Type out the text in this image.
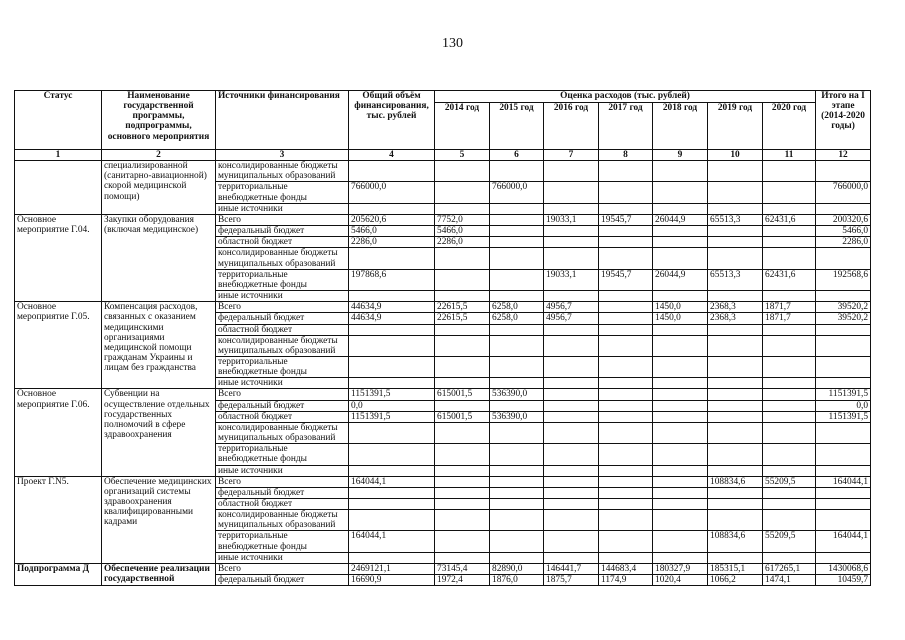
130
Статус	Наименование государственной программы, подпрограммы, основного мероприятия	Источники финансирования	Общий объём финансирования, тыс. рублей	Оценка расходов (тыс. рублей)							Итого на I этапе (2014-2020 годы)
				2014 год	2015 год	2016 год	2017 год	2018 год	2019 год	2020 год	
1	2	3	4	5	6	7	8	9	10	11	12
	специализированной (санитарно-авиационной) скорой медицинской помощи)	консолидированные бюджеты муниципальных образований									
		территориальные внебюджетные фонды	766000,0		766000,0						766000,0
		иные источники									
Основное мероприятие Г.04.	Закупки оборудования (включая медицинское)	Всего	205620,6	7752,0		19033,1	19545,7	26044,9	65513,3	62431,6	200320,6
		федеральный бюджет	5466,0	5466,0							5466,0
		областной бюджет	2286,0	2286,0							2286,0
		консолидированные бюджеты муниципальных образований									
		территориальные внебюджетные фонды	197868,6			19033,1	19545,7	26044,9	65513,3	62431,6	192568,6
		иные источники									
Основное мероприятие Г.05.	Компенсация расходов, связанных с оказанием медицинскими организациями медицинской помощи гражданам Украины и лицам без гражданства	Всего	44634,9	22615,5	6258,0	4956,7		1450,0	2368,3	1871,7	39520,2
		федеральный бюджет	44634,9	22615,5	6258,0	4956,7		1450,0	2368,3	1871,7	39520,2
		областной бюджет									
		консолидированные бюджеты муниципальных образований									
		территориальные внебюджетные фонды									
		иные источники									
Основное мероприятие Г.06.	Субвенции на осуществление отдельных государственных полномочий в сфере здравоохранения	Всего	1151391,5	615001,5	536390,0						1151391,5
		федеральный бюджет	0,0								0,0
		областной бюджет	1151391,5	615001,5	536390,0						1151391,5
		консолидированные бюджеты муниципальных образований									
		территориальные внебюджетные фонды									
		иные источники									
Проект Г.N5.	Обеспечение медицинских организаций системы здравоохранения квалифицированными кадрами	Всего	164044,1						108834,6	55209,5	164044,1
		федеральный бюджет									
		областной бюджет									
		консолидированные бюджеты муниципальных образований									
		территориальные внебюджетные фонды	164044,1						108834,6	55209,5	164044,1
		иные источники									
Подпрограмма Д	Обеспечение реализации государственной	Всего	2469121,1	73145,4	82890,0	146441,7	144683,4	180327,9	185315,1	617265,1	1430068,6
		федеральный бюджет	16690,9	1972,4	1876,0	1875,7	1174,9	1020,4	1066,2	1474,1	10459,7
